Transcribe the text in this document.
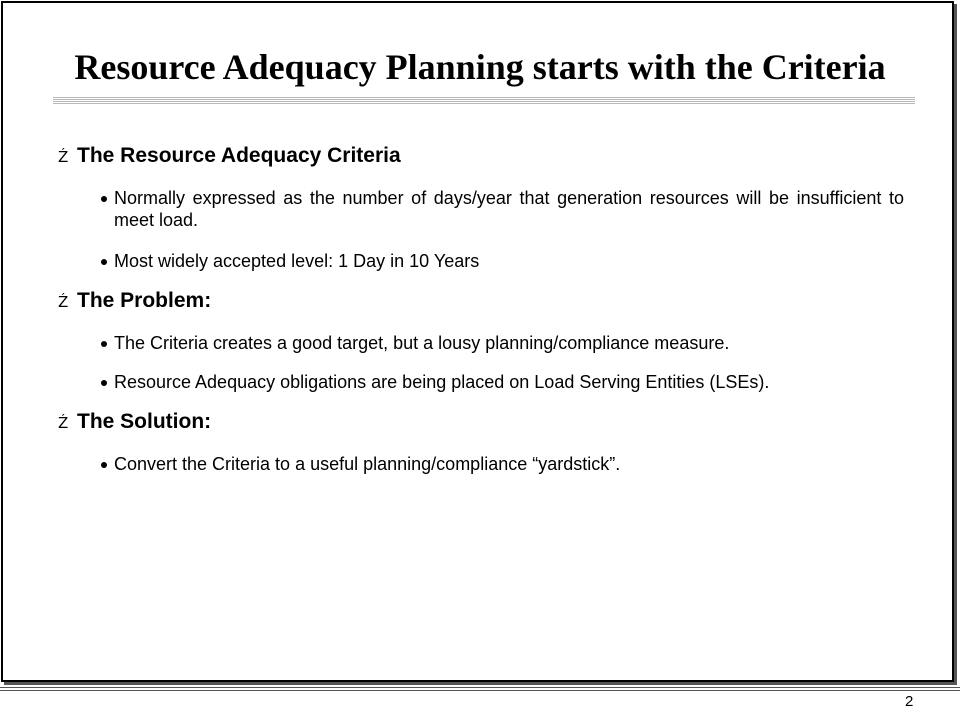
Resource Adequacy Planning starts with the Criteria
Ź The Resource Adequacy Criteria
Normally expressed as the number of days/year that generation resources will be insufficient to meet load.
Most widely accepted level: 1 Day in 10 Years
Ź The Problem:
The Criteria creates a good target, but a lousy planning/compliance measure.
Resource Adequacy obligations are being placed on Load Serving Entities (LSEs).
Ź The Solution:
Convert the Criteria to a useful planning/compliance “yardstick”.
2
